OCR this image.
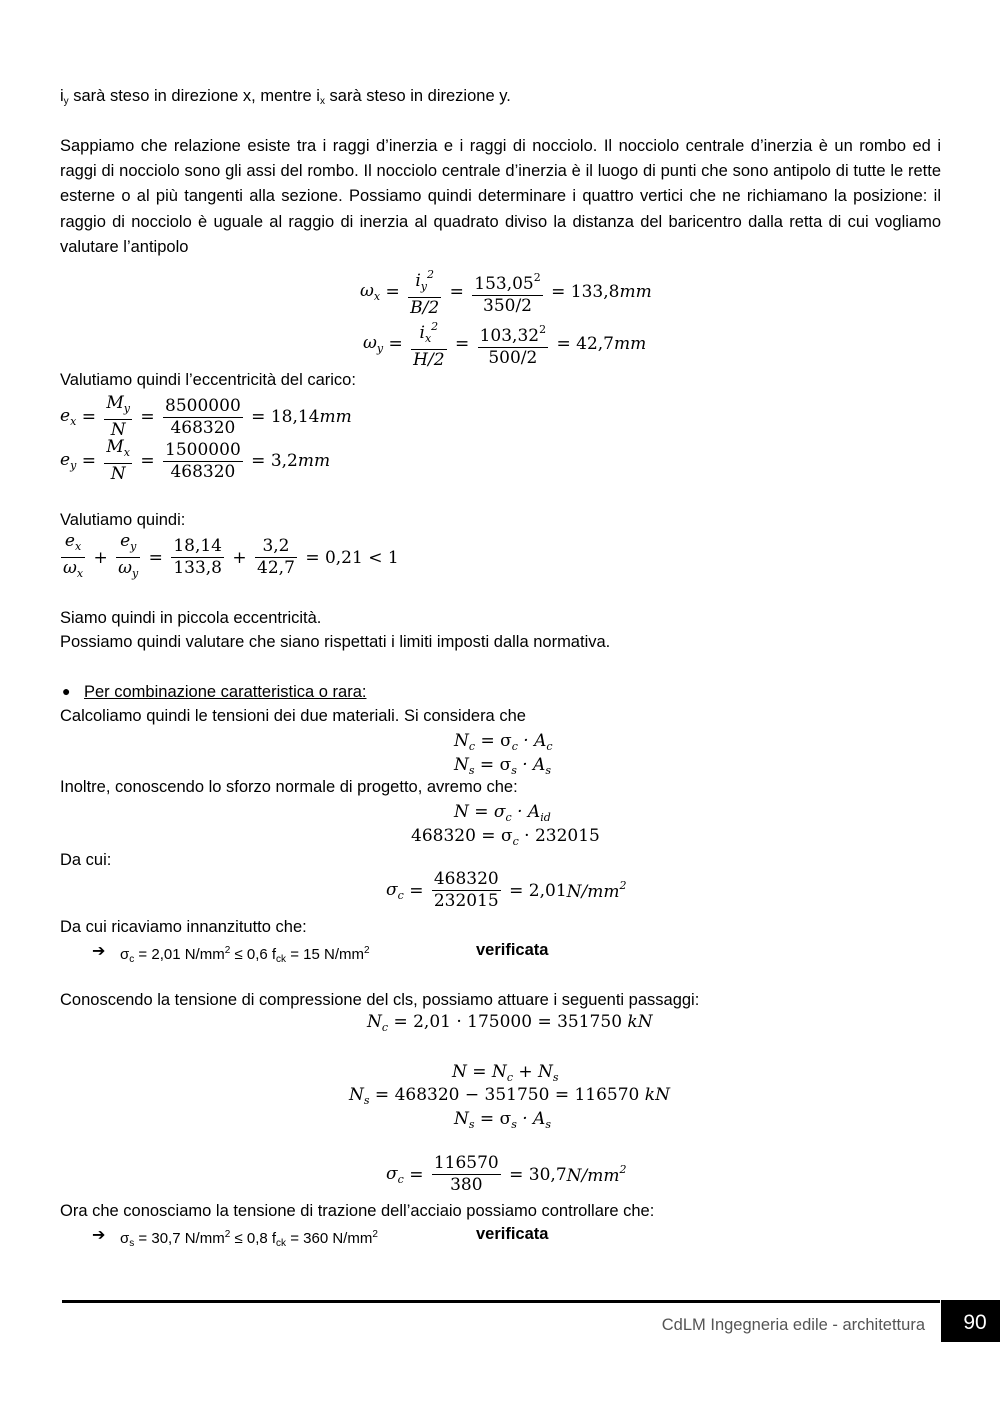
iy sarà steso in direzione x, mentre ix sarà steso in direzione y.
Sappiamo che relazione esiste tra i raggi d’inerzia e i raggi di nocciolo. Il nocciolo centrale d’inerzia è un rombo ed i raggi di nocciolo sono gli assi del rombo. Il nocciolo centrale d’inerzia è il luogo di punti che sono antipolo di tutte le rette esterne o al più tangenti alla sezione. Possiamo quindi determinare i quattro vertici che ne richiamano la posizione: il raggio di nocciolo è uguale al raggio di inerzia al quadrato diviso la distanza del baricentro dalla retta di cui vogliamo valutare l’antipolo
$\omega_x = \frac{i_y^2}{B/2} = \frac{153,05^2}{350/2} = 133,8mm$
$\omega_y = \frac{i_x^2}{H/2} = \frac{103,32^2}{500/2} = 42,7mm$
Valutiamo quindi l’eccentricità del carico:
$e_x = \frac{M_y}{N} = \frac{8500000}{468320} = 18,14mm$
$e_y = \frac{M_x}{N} = \frac{1500000}{468320} = 3,2mm$
Valutiamo quindi:
$\frac{e_x}{\omega_x} + \frac{e_y}{\omega_y} = \frac{18,14}{133,8} + \frac{3,2}{42,7} = 0,21 < 1$
Siamo quindi in piccola eccentricità.
Possiamo quindi valutare che siano rispettati i limiti imposti dalla normativa.
● Per combinazione caratteristica o rara:
Calcoliamo quindi le tensioni dei due materiali. Si considera che
$N_c = \sigma_c \cdot A_c$
$N_s = \sigma_s \cdot A_s$
Inoltre, conoscendo lo sforzo normale di progetto, avremo che:
$N = \sigma_c \cdot A_{id}$
$468320 = \sigma_c \cdot 232015$
Da cui:
$\sigma_c = \frac{468320}{232015} = 2,01N/mm^2$
Da cui ricaviamo innanzitutto che:
➔ $\sigma_c = 2,01$ $N/mm^2 \le 0,6$ $f_{ck} = 15$ $N/mm^2$	verificata
Conoscendo la tensione di compressione del cls, possiamo attuare i seguenti passaggi:
$N_c = 2,01 \cdot 175000 = 351750$ kN
$N = N_c + N_s$
$N_s = 468320 - 351750 = 116570$ kN
$N_s = \sigma_s \cdot A_s$
$\sigma_c = \frac{116570}{380} = 30,7N/mm^2$
Ora che conosciamo la tensione di trazione dell’acciaio possiamo controllare che:
➔ $\sigma_s = 30,7$ $N/mm^2 \le 0,8$ $f_{ck} = 360$ $N/mm^2$	verificata
CdLM Ingegneria edile - architettura	90
